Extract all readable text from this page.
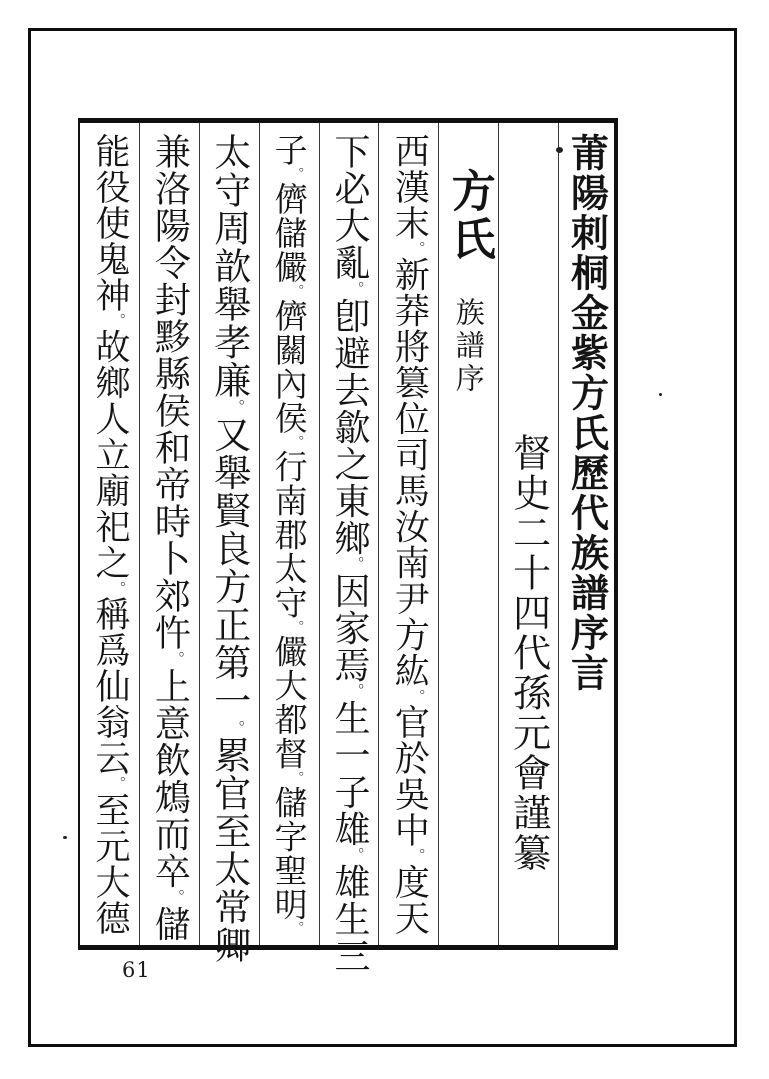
莆陽刺桐金紫方氏歷代族譜序言
督史二十四代孫元會謹纂
方氏 族譜序
西漢末。新莽將篡位司馬汝南尹方紘。官於吳中。度天
下必大亂。卽避去歙之東鄉。因家焉。生一子雄。雄生三
子。儕儲儼。儕關內侯。行南郡太守。儼大都督。儲字聖明。
太守周歆舉孝廉。又舉賢良方正第一。累官至太常卿
兼洛陽令封黟縣侯和帝時卜郊忤。上意飲鴆而卒。儲
能役使鬼神。故鄉人立廟祀之。稱爲仙翁云。至元大德
61
